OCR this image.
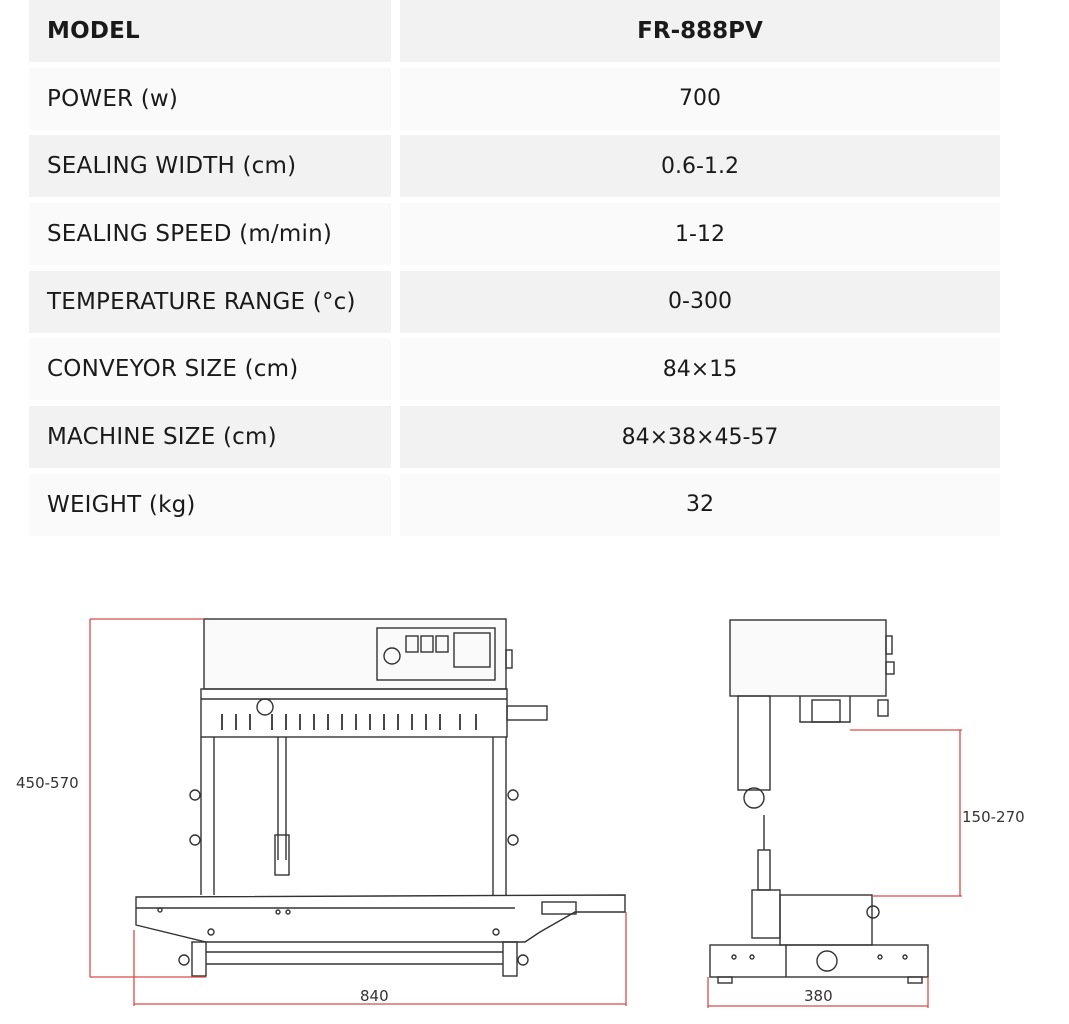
MODEL	FR-888PV
POWER (w)	700
SEALING WIDTH (cm)	0.6-1.2
SEALING SPEED (m/min)	1-12
TEMPERATURE RANGE (°c)	0-300
CONVEYOR SIZE (cm)	84×15
MACHINE SIZE (cm)	84×38×45-57
WEIGHT (kg)	32
450-570
840
150-270
380
